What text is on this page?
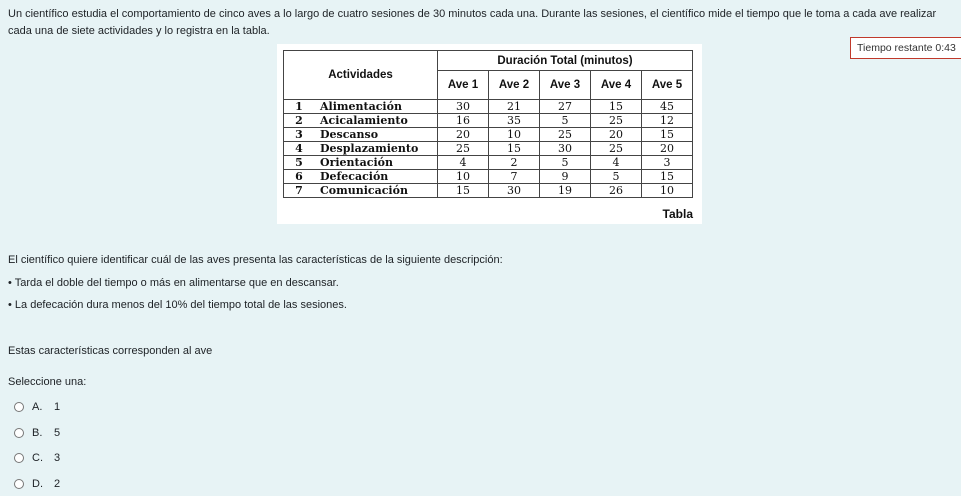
Un científico estudia el comportamiento de cinco aves a lo largo de cuatro sesiones de 30 minutos cada una. Durante las sesiones, el científico mide el tiempo que le toma a cada ave realizar cada una de siete actividades y lo registra en la tabla.
Tiempo restante 0:43
Actividades		Duración Total (minutos)				
		Ave 1	Ave 2	Ave 3	Ave 4	Ave 5
1	Alimentación	30	21	27	15	45
2	Acicalamiento	16	35	5	25	12
3	Descanso	20	10	25	20	15
4	Desplazamiento	25	15	30	25	20
5	Orientación	4	2	5	4	3
6	Defecación	10	7	9	5	15
7	Comunicación	15	30	19	26	10
Tabla
El científico quiere identificar cuál de las aves presenta las características de la siguiente descripción:
• Tarda el doble del tiempo o más en alimentarse que en descansar.
• La defecación dura menos del 10% del tiempo total de las sesiones.
Estas características corresponden al ave
Seleccione una:
A.	1
B.	5
C.	3
D.	2
